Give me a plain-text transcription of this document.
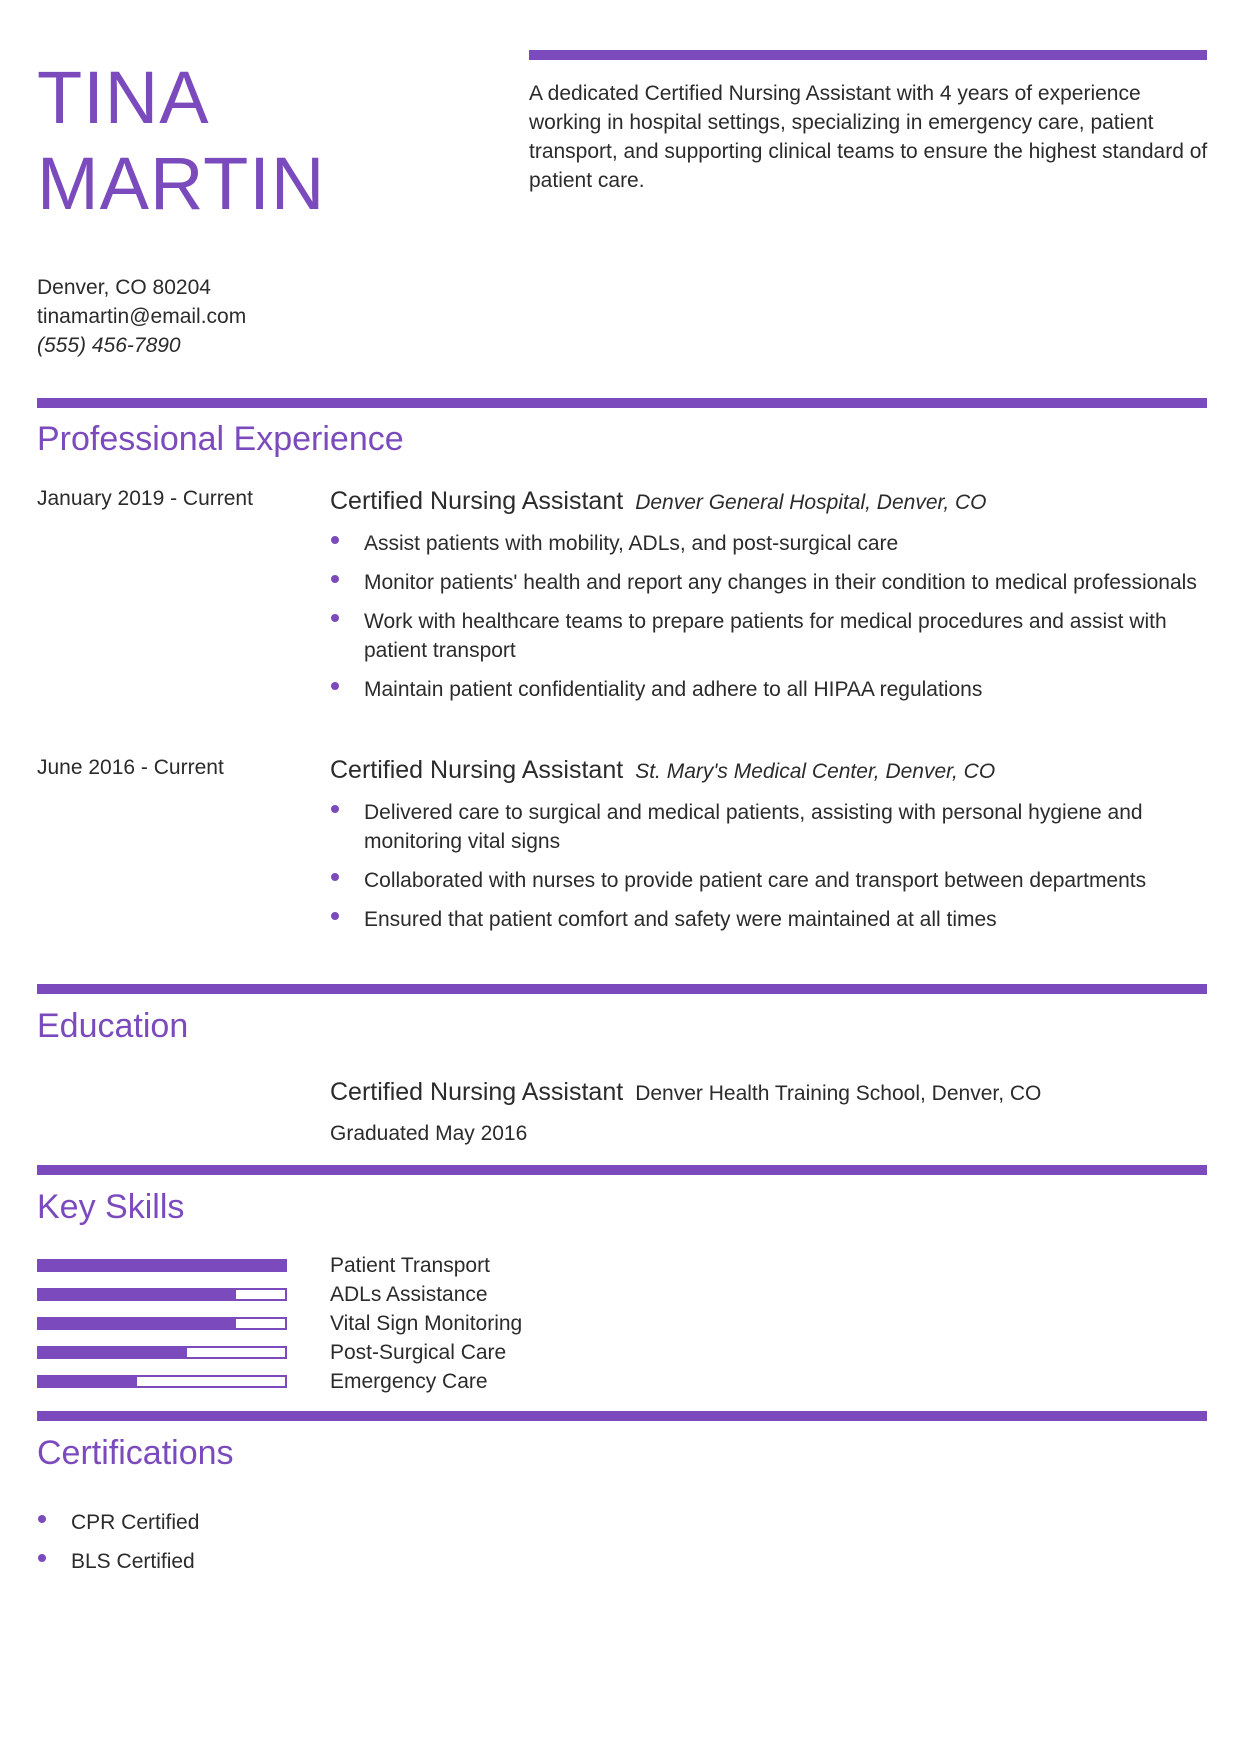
TINA
MARTIN

A dedicated Certified Nursing Assistant with 4 years of experience working in hospital settings, specializing in emergency care, patient transport, and supporting clinical teams to ensure the highest standard of patient care.

Denver, CO 80204
tinamartin@email.com
(555) 456-7890
Professional Experience
January 2019 - Current	Certified Nursing Assistant Denver General Hospital, Denver, CO
Assist patients with mobility, ADLs, and post-surgical care
Monitor patients' health and report any changes in their condition to medical professionals
Work with healthcare teams to prepare patients for medical procedures and assist with patient transport
Maintain patient confidentiality and adhere to all HIPAA regulations
June 2016 - Current	Certified Nursing Assistant St. Mary's Medical Center, Denver, CO
Delivered care to surgical and medical patients, assisting with personal hygiene and monitoring vital signs
Collaborated with nurses to provide patient care and transport between departments
Ensured that patient comfort and safety were maintained at all times
Education
Certified Nursing Assistant Denver Health Training School, Denver, CO
Graduated May 2016
Key Skills
Patient Transport
ADLs Assistance
Vital Sign Monitoring
Post-Surgical Care
Emergency Care
Certifications
CPR Certified
BLS Certified
